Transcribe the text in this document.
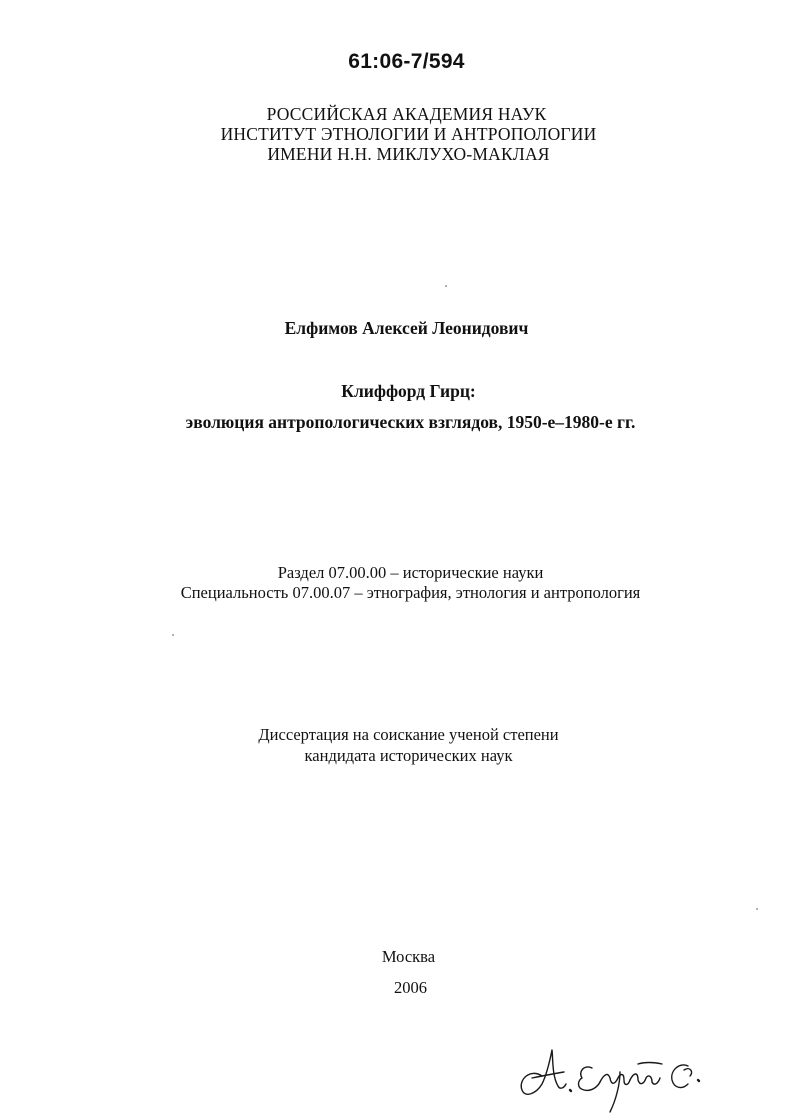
61:06-7/594
РОССИЙСКАЯ АКАДЕМИЯ НАУК
ИНСТИТУТ ЭТНОЛОГИИ И АНТРОПОЛОГИИ
ИМЕНИ Н.Н. МИКЛУХО-МАКЛАЯ
Елфимов Алексей Леонидович
Клиффорд Гирц:
эволюция антропологических взглядов, 1950-е–1980-е гг.
Раздел 07.00.00 – исторические науки
Специальность 07.00.07 – этнография, этнология и антропология
Диссертация на соискание ученой степени
кандидата исторических наук
Москва
2006
